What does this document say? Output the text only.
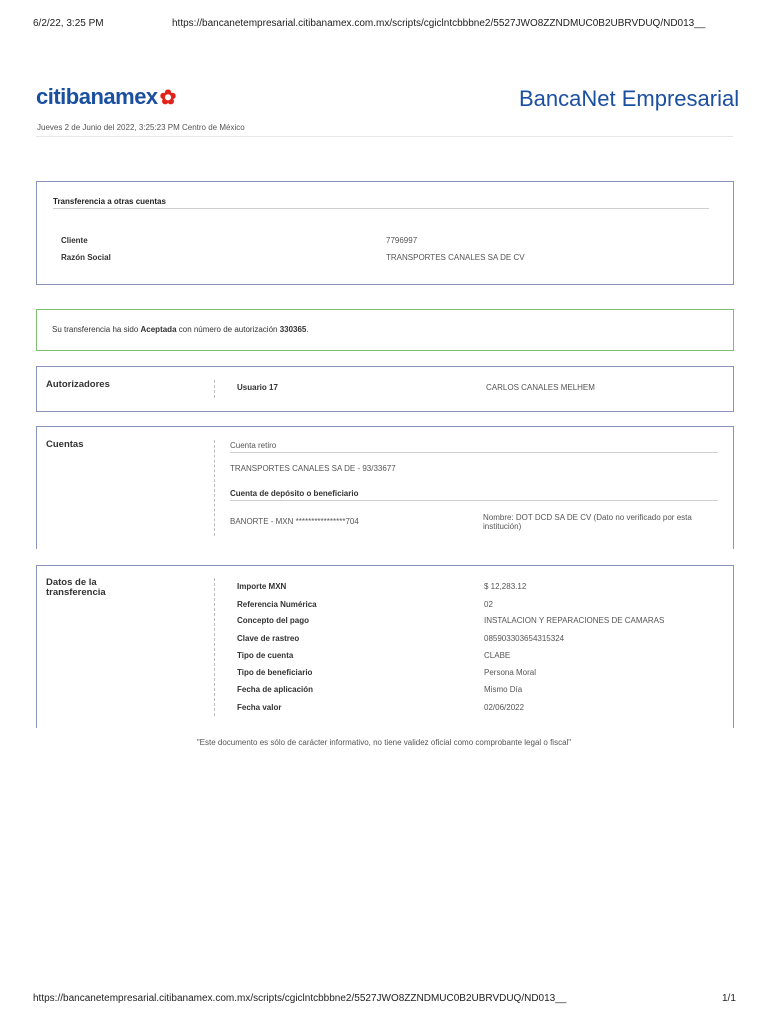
6/2/22, 3:25 PM	https://bancanetempresarial.citibanamex.com.mx/scripts/cgiclntcbbbne2/5527JWO8ZZNDMUC0B2UBRVDUQ/ND013__
citibanamex ✿	BancaNet Empresarial
Jueves 2 de Junio del 2022, 3:25:23 PM Centro de México
Transferencia a otras cuentas
Cliente	7796997
Razón Social	TRANSPORTES CANALES SA DE CV
Su transferencia ha sido Aceptada con número de autorización 330365.
Autorizadores	Usuario 17	CARLOS CANALES MELHEM
Cuentas	Cuenta retiro
TRANSPORTES CANALES SA DE - 93/33677
Cuenta de depósito o beneficiario
BANORTE - MXN ****************704	Nombre: DOT DCD SA DE CV (Dato no verificado por esta institución)
Datos de la
transferencia
Importe MXN	$ 12,283.12
Referencia Numérica	02
Concepto del pago	INSTALACION Y REPARACIONES DE CAMARAS
Clave de rastreo	085903303654315324
Tipo de cuenta	CLABE
Tipo de beneficiario	Persona Moral
Fecha de aplicación	Mismo Día
Fecha valor	02/06/2022
"Este documento es sólo de carácter informativo, no tiene validez oficial como comprobante legal o fiscal"
https://bancanetempresarial.citibanamex.com.mx/scripts/cgiclntcbbbne2/5527JWO8ZZNDMUC0B2UBRVDUQ/ND013__	1/1
